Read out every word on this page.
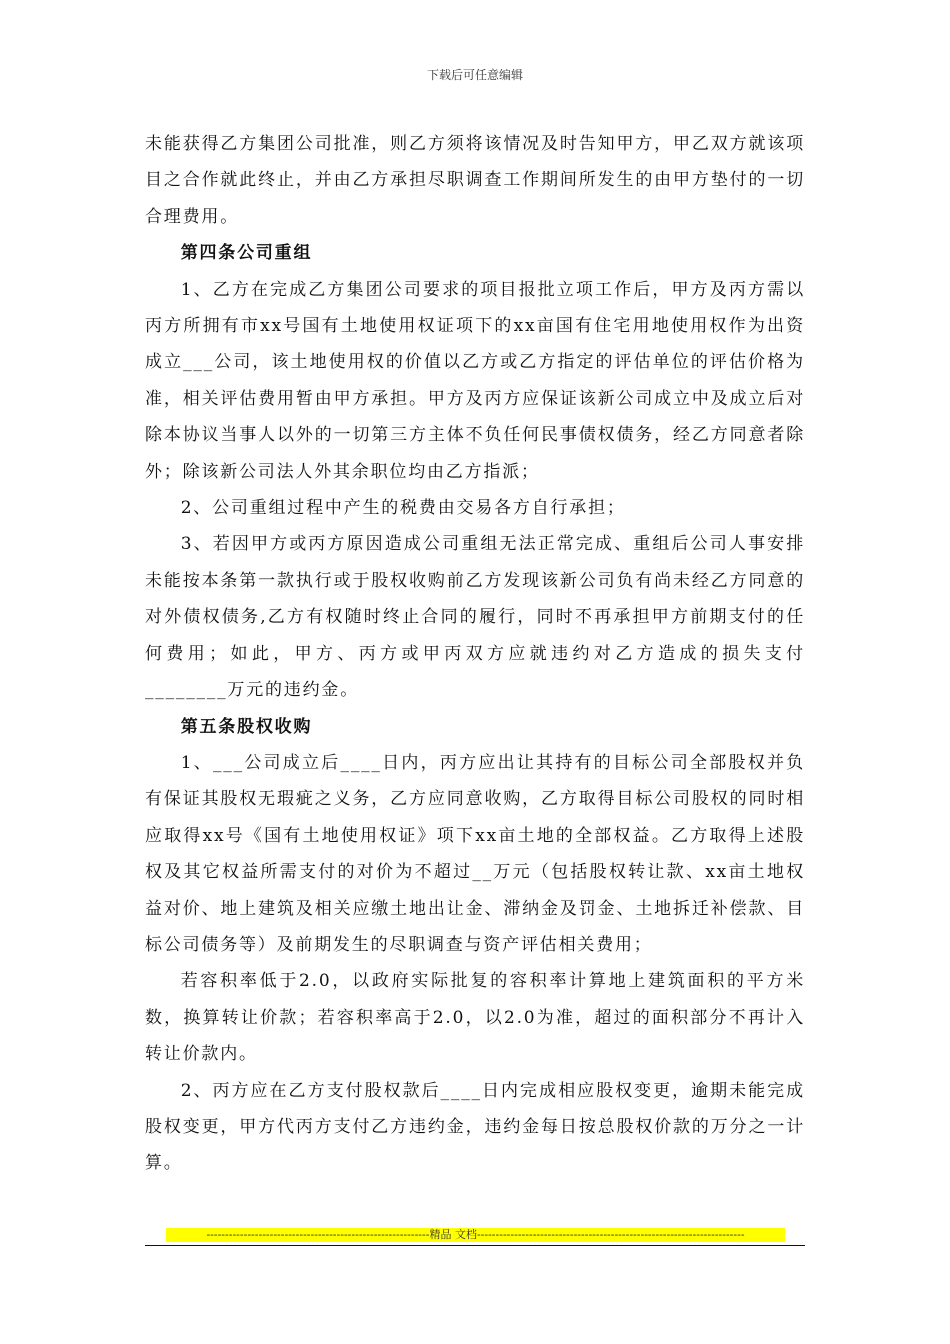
下载后可任意编辑

未能获得乙方集团公司批准，则乙方须将该情况及时告知甲方，甲乙双方就该项目之合作就此终止，并由乙方承担尽职调查工作期间所发生的由甲方垫付的一切合理费用。

第四条公司重组

1、乙方在完成乙方集团公司要求的项目报批立项工作后，甲方及丙方需以丙方所拥有市xx号国有土地使用权证项下的xx亩国有住宅用地使用权作为出资成立___公司，该土地使用权的价值以乙方或乙方指定的评估单位的评估价格为准，相关评估费用暂由甲方承担。甲方及丙方应保证该新公司成立中及成立后对除本协议当事人以外的一切第三方主体不负任何民事债权债务，经乙方同意者除外；除该新公司法人外其余职位均由乙方指派；

2、公司重组过程中产生的税费由交易各方自行承担；

3、若因甲方或丙方原因造成公司重组无法正常完成、重组后公司人事安排未能按本条第一款执行或于股权收购前乙方发现该新公司负有尚未经乙方同意的对外债权债务,乙方有权随时终止合同的履行，同时不再承担甲方前期支付的任何费用；如此，甲方、丙方或甲丙双方应就违约对乙方造成的损失支付________万元的违约金。

第五条股权收购

1、___公司成立后____日内，丙方应出让其持有的目标公司全部股权并负有保证其股权无瑕疵之义务，乙方应同意收购，乙方取得目标公司股权的同时相应取得xx号《国有土地使用权证》项下xx亩土地的全部权益。乙方取得上述股权及其它权益所需支付的对价为不超过__万元（包括股权转让款、xx亩土地权益对价、地上建筑及相关应缴土地出让金、滞纳金及罚金、土地拆迁补偿款、目标公司债务等）及前期发生的尽职调查与资产评估相关费用；

若容积率低于2.0，以政府实际批复的容积率计算地上建筑面积的平方米数，换算转让价款；若容积率高于2.0，以2.0为准，超过的面积部分不再计入转让价款内。

2、丙方应在乙方支付股权款后____日内完成相应股权变更，逾期未能完成股权变更，甲方代丙方支付乙方违约金，违约金每日按总股权价款的万分之一计算。

------------------------------------------------------------精品 文档------------------------------------------------------------------------
